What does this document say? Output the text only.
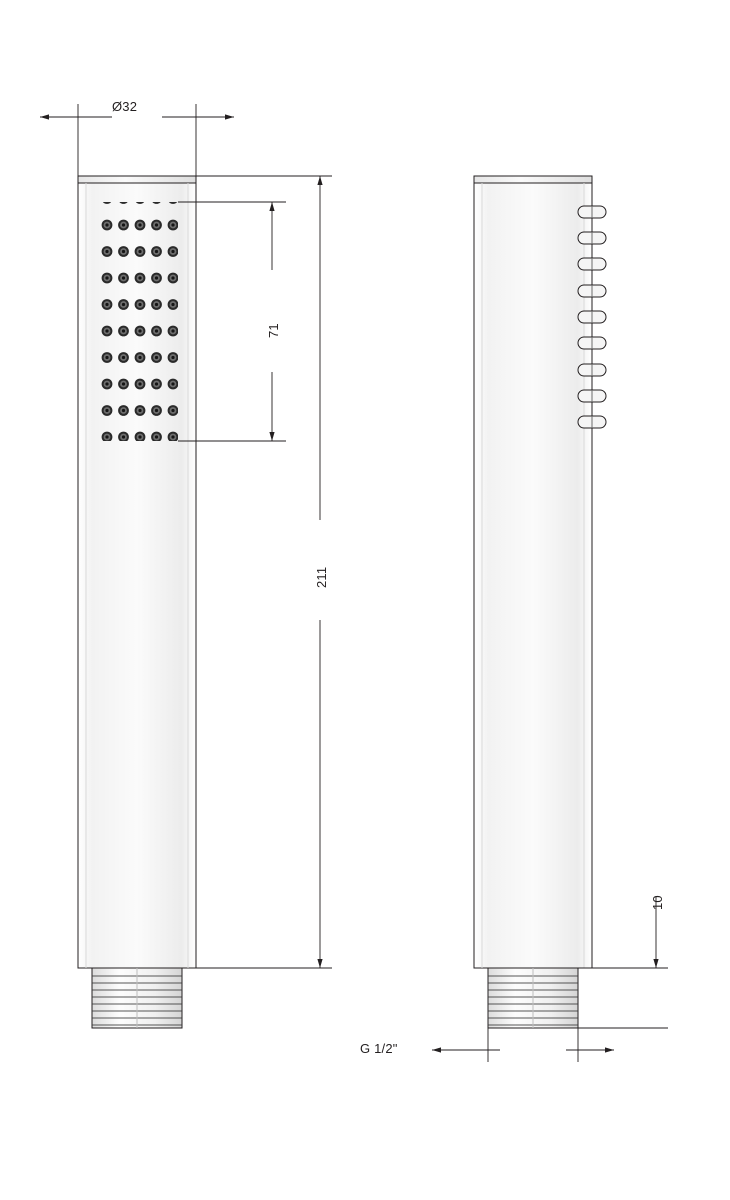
Ø32
71
211
10
G 1/2"
